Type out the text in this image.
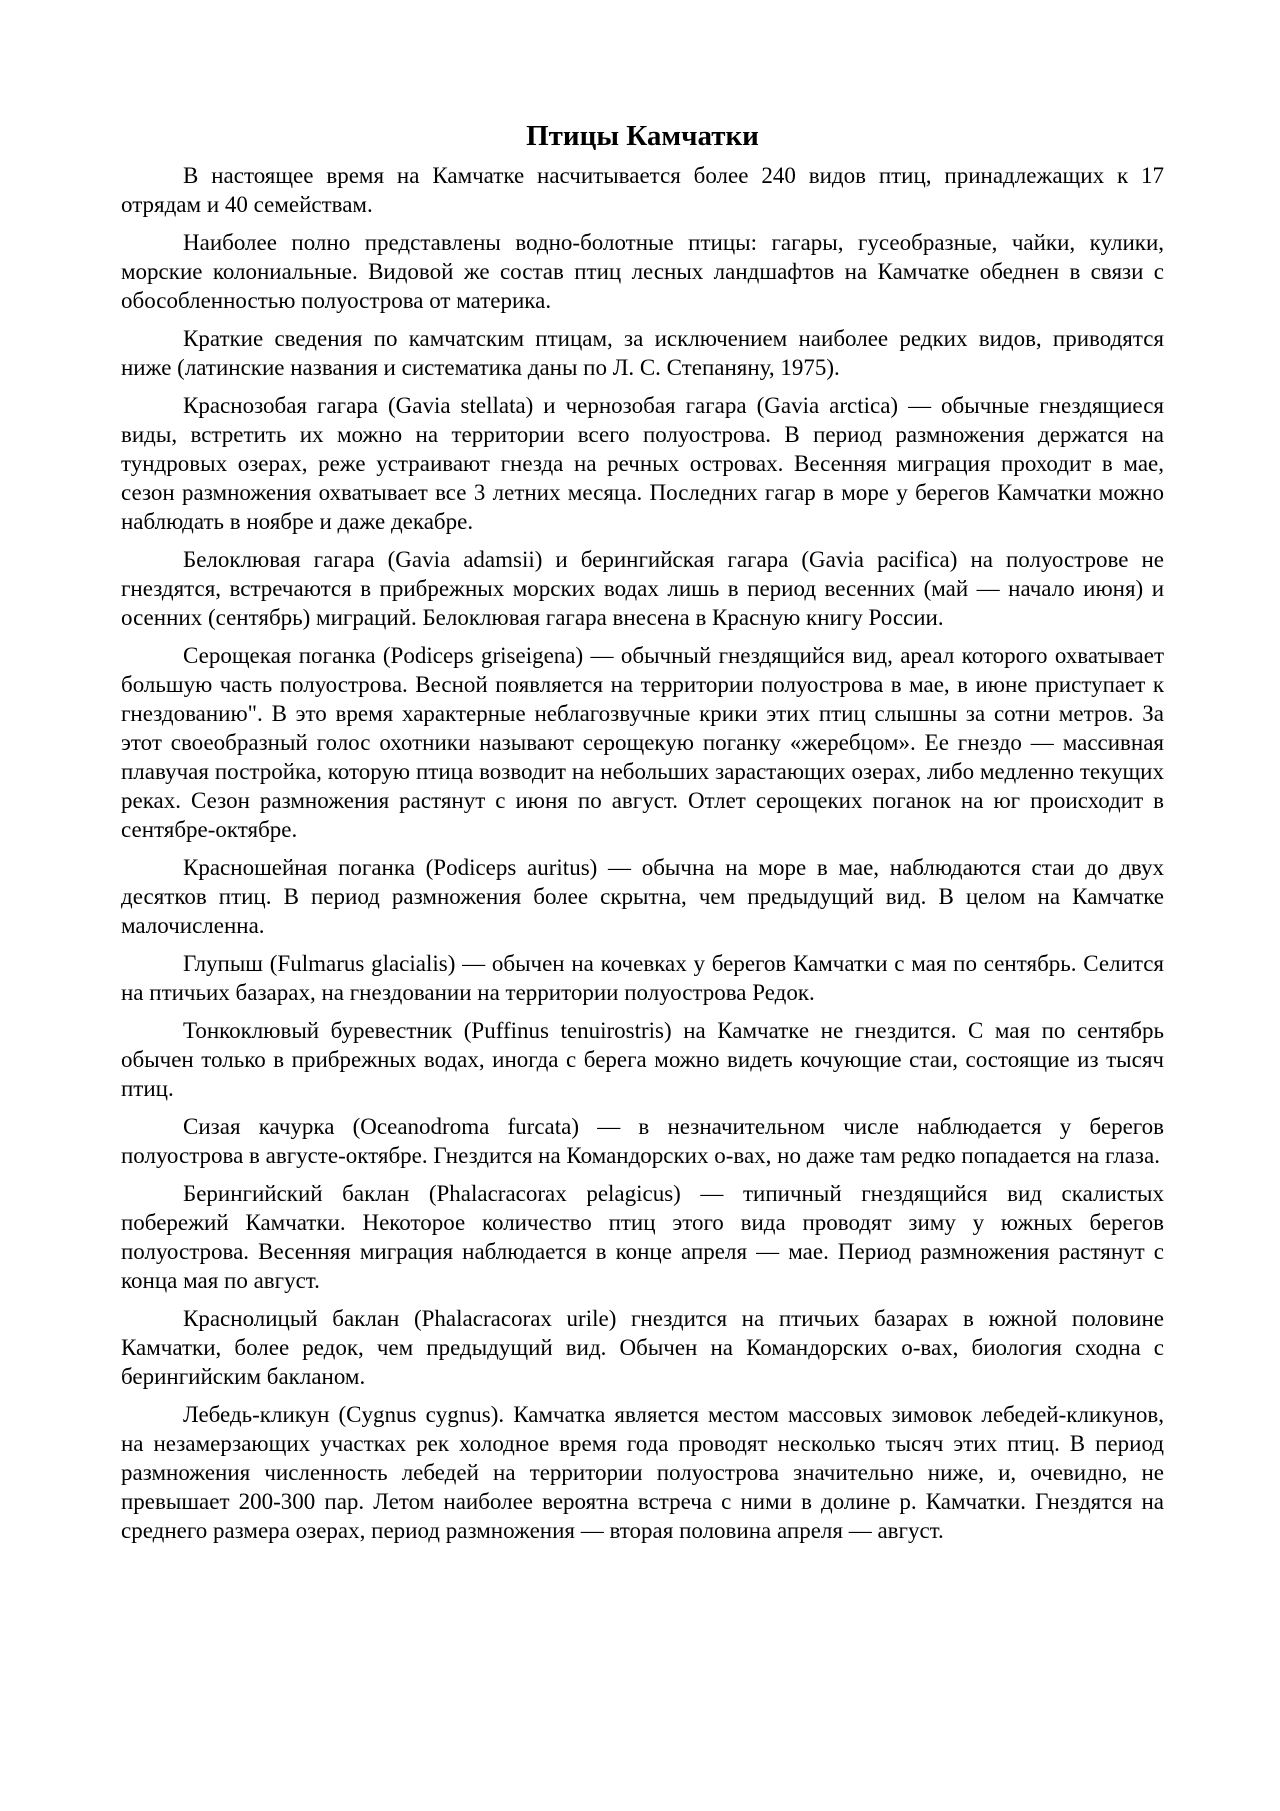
Птицы Камчатки

В настоящее время на Камчатке насчитывается более 240 видов птиц, принадлежащих к 17 отрядам и 40 семействам.

Наиболее полно представлены водно-болотные птицы: гагары, гусеобразные, чайки, кулики, морские колониальные. Видовой же состав птиц лесных ландшафтов на Камчатке обеднен в связи с обособленностью полуострова от материка.

Краткие сведения по камчатским птицам, за исключением наиболее редких видов, приводятся ниже (латинские названия и систематика даны по Л. С. Степаняну, 1975).

Краснозобая гагара (Gavia stellata) и чернозобая гагара (Gavia arctica) — обычные гнездящиеся виды, встретить их можно на территории всего полуострова. В период размножения держатся на тундровых озерах, реже устраивают гнезда на речных островах. Весенняя миграция проходит в мае, сезон размножения охватывает все 3 летних месяца. Последних гагар в море у берегов Камчатки можно наблюдать в ноябре и даже декабре.

Белоклювая гагара (Gavia adamsii) и берингийская гагара (Gavia pacifica) на полуострове не гнездятся, встречаются в прибрежных морских водах лишь в период весенних (май — начало июня) и осенних (сентябрь) миграций. Белоклювая гагара внесена в Красную книгу России.

Серощекая поганка (Podiceps griseigena) — обычный гнездящийся вид, ареал которого охватывает большую часть полуострова. Весной появляется на территории полуострова в мае, в июне приступает к гнездованию". В это время характерные неблагозвучные крики этих птиц слышны за сотни метров. За этот своеобразный голос охотники называют серощекую поганку «жеребцом». Ее гнездо — массивная плавучая постройка, которую птица возводит на небольших зарастающих озерах, либо медленно текущих реках. Сезон размножения растянут с июня по август. Отлет серощеких поганок на юг происходит в сентябре-октябре.

Красношейная поганка (Podiceps auritus) — обычна на море в мае, наблюдаются стаи до двух десятков птиц. В период размножения более скрытна, чем предыдущий вид. В целом на Камчатке малочисленна.

Глупыш (Fulmarus glacialis) — обычен на кочевках у берегов Камчатки с мая по сентябрь. Селится на птичьих базарах, на гнездовании на территории полуострова Редок.

Тонкоклювый буревестник (Puffinus tenuirostris) на Камчатке не гнездится. С мая по сентябрь обычен только в прибрежных водах, иногда с берега можно видеть кочующие стаи, состоящие из тысяч птиц.

Сизая качурка (Oceanodroma furcata) — в незначительном числе наблюдается у берегов полуострова в августе-октябре. Гнездится на Командорских о-вах, но даже там редко попадается на глаза.

Берингийский баклан (Phalacracorax pelagicus) — типичный гнездящийся вид скалистых побережий Камчатки. Некоторое количество птиц этого вида проводят зиму у южных берегов полуострова. Весенняя миграция наблюдается в конце апреля — мае. Период размножения растянут с конца мая по август.

Краснолицый баклан (Phalacracorax urile) гнездится на птичьих базарах в южной половине Камчатки, более редок, чем предыдущий вид. Обычен на Командорских о-вах, биология сходна с берингийским бакланом.

Лебедь-кликун (Cygnus cygnus). Камчатка является местом массовых зимовок лебедей-кликунов, на незамерзающих участках рек холодное время года проводят несколько тысяч этих птиц. В период размножения численность лебедей на территории полуострова значительно ниже, и, очевидно, не превышает 200-300 пар. Летом наиболее вероятна встреча с ними в долине р. Камчатки. Гнездятся на среднего размера озерах, период размножения — вторая половина апреля — август.
